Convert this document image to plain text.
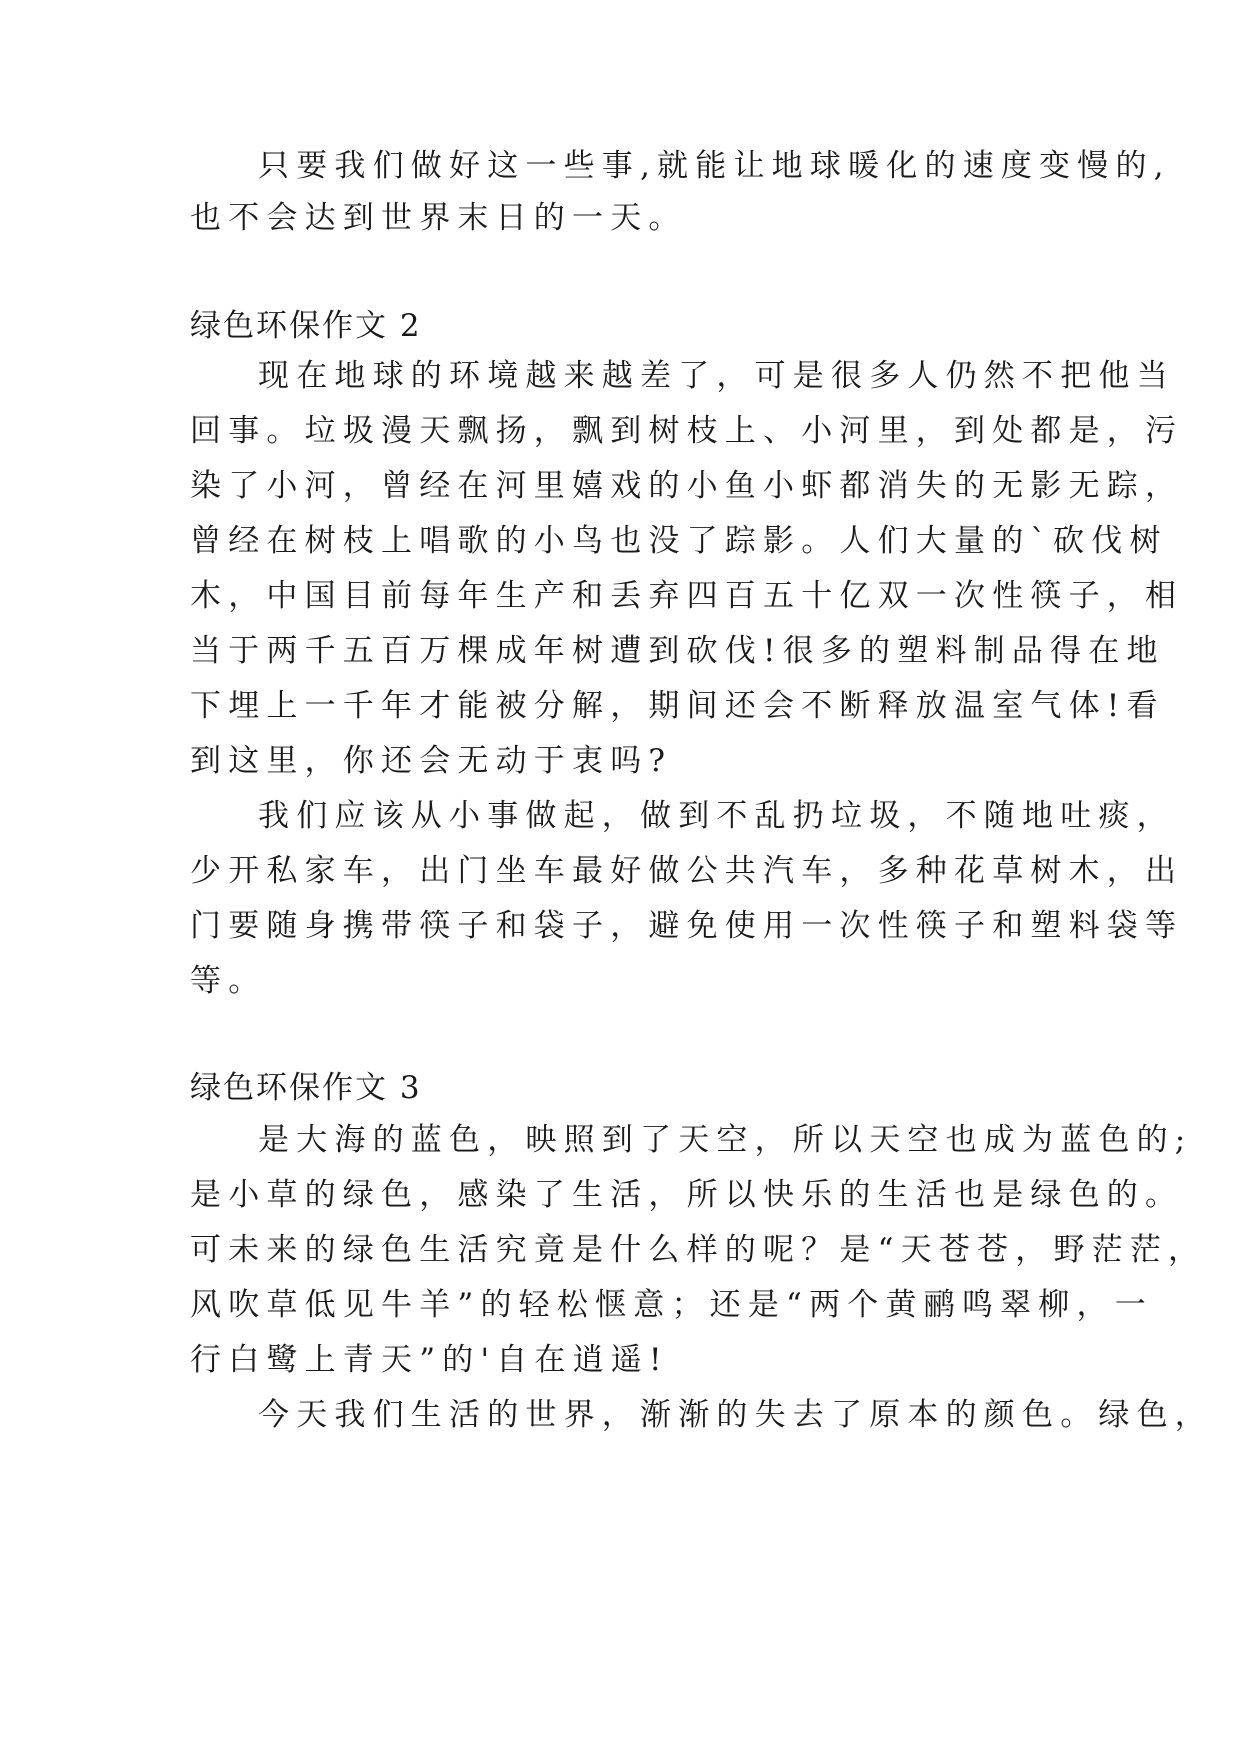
只要我们做好这一些事,就能让地球暖化的速度变慢的,
也不会达到世界末日的一天。
绿色环保作文 2
现在地球的环境越来越差了，可是很多人仍然不把他当
回事。垃圾漫天飘扬，飘到树枝上、小河里，到处都是，污
染了小河，曾经在河里嬉戏的小鱼小虾都消失的无影无踪，
曾经在树枝上唱歌的小鸟也没了踪影。人们大量的`砍伐树
木，中国目前每年生产和丢弃四百五十亿双一次性筷子，相
当于两千五百万棵成年树遭到砍伐!很多的塑料制品得在地
下埋上一千年才能被分解，期间还会不断释放温室气体!看
到这里，你还会无动于衷吗?
我们应该从小事做起，做到不乱扔垃圾，不随地吐痰，
少开私家车，出门坐车最好做公共汽车，多种花草树木，出
门要随身携带筷子和袋子，避免使用一次性筷子和塑料袋等
等。
绿色环保作文 3
是大海的蓝色，映照到了天空，所以天空也成为蓝色的;
是小草的绿色，感染了生活，所以快乐的生活也是绿色的。
可未来的绿色生活究竟是什么样的呢？是“天苍苍，野茫茫，
风吹草低见牛羊”的轻松惬意；还是“两个黄鹂鸣翠柳，一
行白鹭上青天”的'自在逍遥!
今天我们生活的世界，渐渐的失去了原本的颜色。绿色，
